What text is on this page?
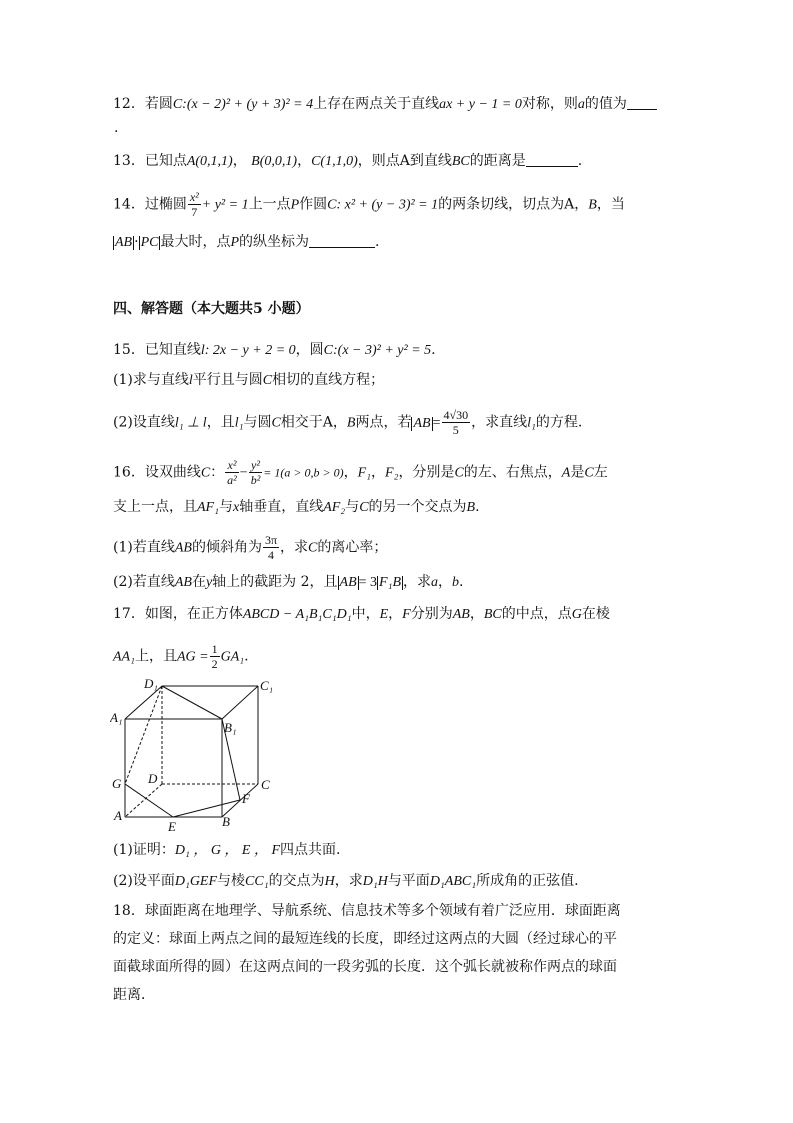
12．若圆C:(x − 2)² + (y + 3)² = 4上存在两点关于直线ax + y − 1 = 0对称，则a的值为
.
13．已知点A(0,1,1)， B(0,0,1)，C(1,1,0)，则点A到直线BC的距离是	.
14．过椭圆 $\frac{\text{x²}}{7} + y^2 = 1$上一点P作圆C: x² + (y − 3)² = 1的两条切线，切点为A，B，当
AB · PC 最大时，点P的纵坐标为	.
四、解答题（本大题共5 小题）
15．已知直线l: 2x − y + 2 = 0，圆C:(x − 3)² + y² = 5.
(1)求与直线l平行且与圆C相切的直线方程；
(2)设直线l₁ ⊥ l，且l₁与圆C相交于A，B两点，若 AB = $\frac{4√30}{5}$ ，求直线l₁的方程.
16．设双曲线C： $\frac{\text{x²}}{\text{a²}} - \frac{\text{y²}}{\text{b²}} = 1(a > 0,b > 0)$，F₁，F₂，分别是C的左、右焦点，A是C左
支上一点，且AF₁与x轴垂直，直线AF₂与C的另一个交点为B.
(1)若直线AB的倾斜角为 $\frac{3\pi}{4}$ ，求C的离心率；
(2)若直线AB在y轴上的截距为 2，且 AB = 3 F₁B ，求a，b.
17．如图，在正方体ABCD − A₁B₁C₁D₁中，E，F分别为AB，BC的中点，点G在棱
AA₁上，且AG = $\frac{1}{2} GA_1$.
D₁	C₁
A₁
B₁
D	C
G
A
E	B
F
(1)证明：D₁ ， G ， E ， F四点共面.
(2)设平面D₁GEF与棱CC₁的交点为H，求D₁H与平面D₁ABC₁所成角的正弦值.
18．球面距离在地理学、导航系统、信息技术等多个领域有着广泛应用．球面距离
的定义：球面上两点之间的最短连线的长度，即经过这两点的大圆（经过球心的平
面截球面所得的圆）在这两点间的一段劣弧的长度．这个弧长就被称作两点的球面
距离．
